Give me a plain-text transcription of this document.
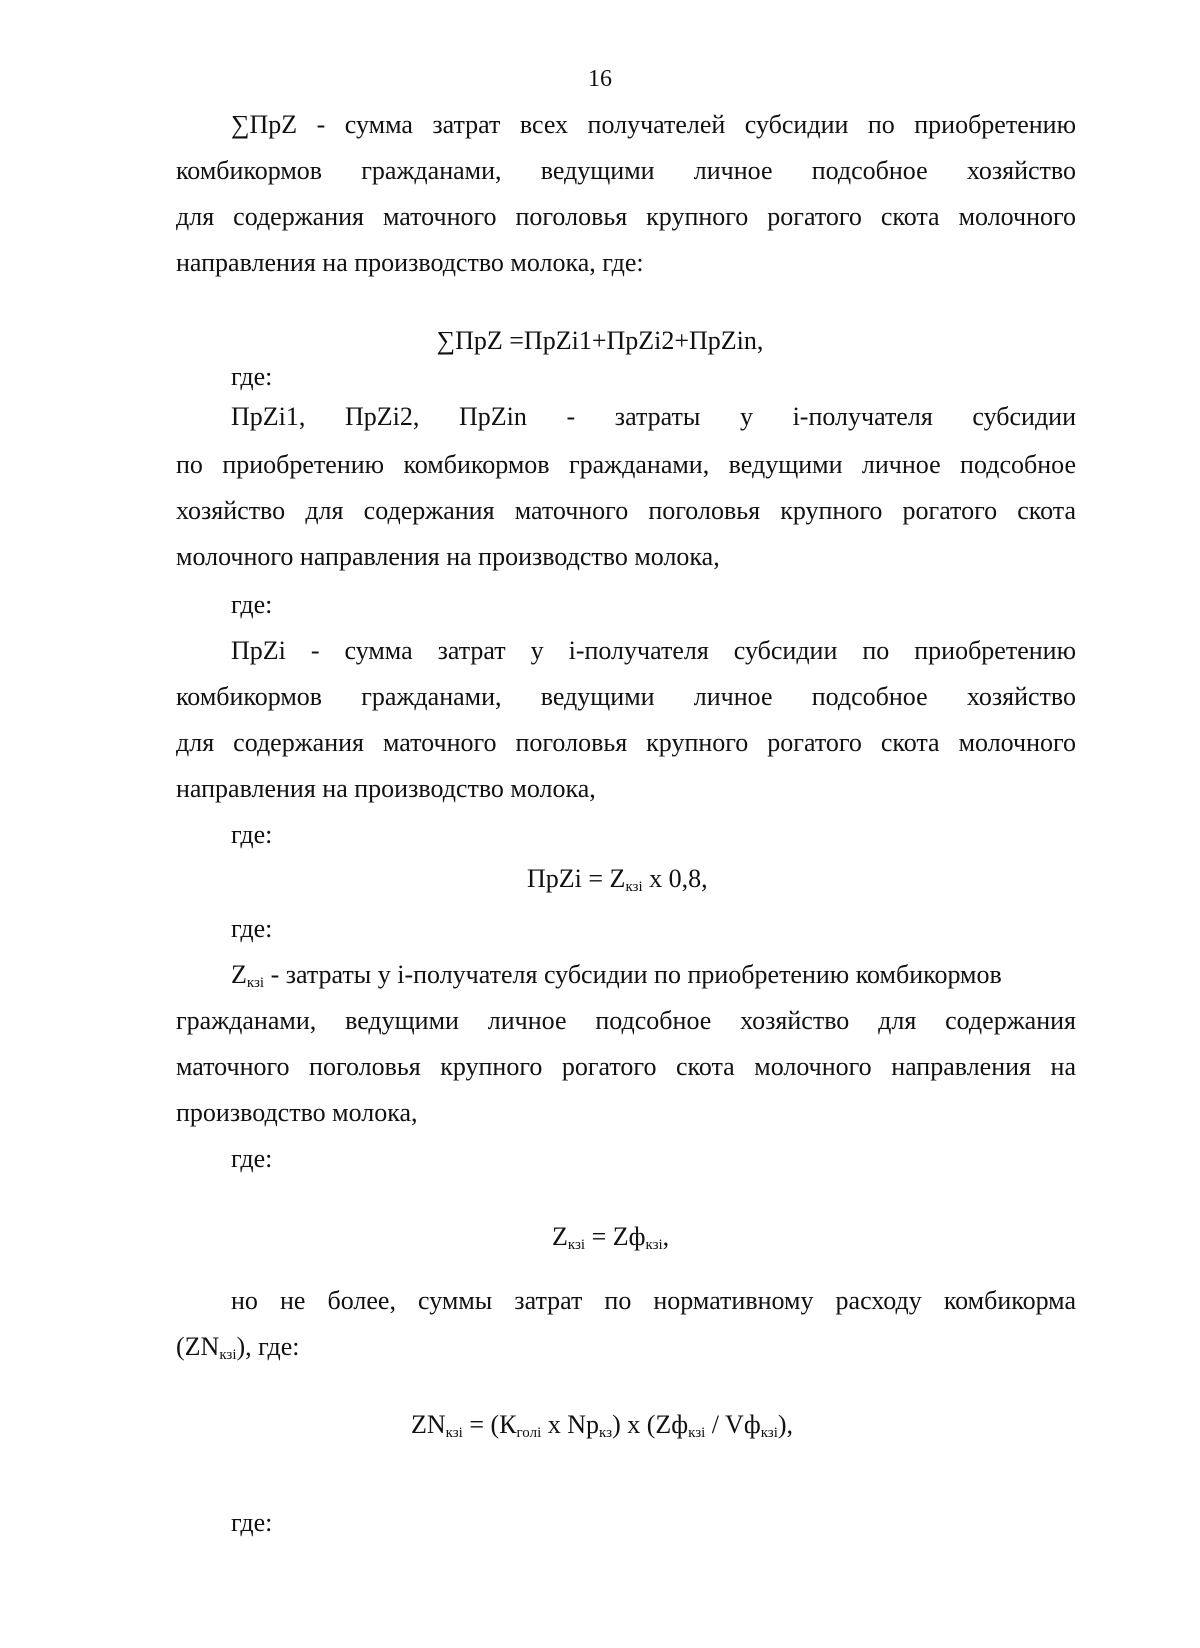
16
∑ПрZ - сумма затрат всех получателей субсидии по приобретению
комбикормов гражданами, ведущими личное подсобное хозяйство
для содержания маточного поголовья крупного рогатого скота молочного
направления на производство молока, где:
∑ПрZ =ПрZi1+ПрZi2+ПрZin,
где:
ПрZi1, ПрZi2, ПрZin - затраты у i-получателя субсидии
по приобретению комбикормов гражданами, ведущими личное подсобное
хозяйство для содержания маточного поголовья крупного рогатого скота
молочного направления на производство молока,
где:
ПрZi - сумма затрат у i-получателя субсидии по приобретению
комбикормов гражданами, ведущими личное подсобное хозяйство
для содержания маточного поголовья крупного рогатого скота молочного
направления на производство молока,
где:
ПрZi = $Z_{кзi}$ x 0,8,
где:
$Z_{кзi}$ - затраты у i-получателя субсидии по приобретению комбикормов
гражданами, ведущими личное подсобное хозяйство для содержания
маточного поголовья крупного рогатого скота молочного направления на
производство молока,
где:
$Z_{кзi} = Zф_{кзi}$,
но не более, суммы затрат по нормативному расходу комбикорма
$(ZN_{кзi})$, где:
$ZN_{кзi} = (К_{голi}$ x $Np_{кз}$) x $(Zф_{кзi} / Vф_{кзi})$,
где:
